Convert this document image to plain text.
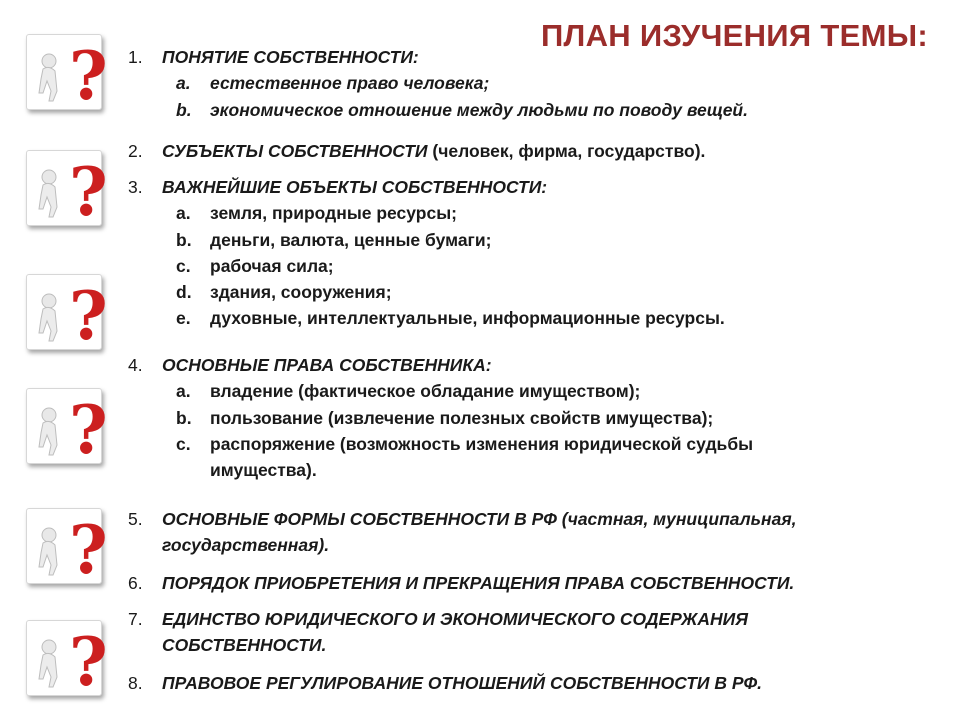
ПЛАН ИЗУЧЕНИЯ ТЕМЫ:
?
?
?
?
?
?
1.	ПОНЯТИЕ СОБСТВЕННОСТИ:
a. естественное право человека;
b. экономическое отношение между людьми по поводу вещей.
2.	СУБЪЕКТЫ СОБСТВЕННОСТИ (человек, фирма, государство).
3.	ВАЖНЕЙШИЕ ОБЪЕКТЫ СОБСТВЕННОСТИ:
a. земля, природные ресурсы;
b. деньги, валюта, ценные бумаги;
c. рабочая сила;
d. здания, сооружения;
e. духовные, интеллектуальные, информационные ресурсы.
4.	ОСНОВНЫЕ ПРАВА СОБСТВЕННИКА:
a. владение (фактическое обладание имуществом);
b. пользование (извлечение полезных свойств имущества);
c. распоряжение (возможность изменения юридической судьбы имущества).
5.	ОСНОВНЫЕ ФОРМЫ СОБСТВЕННОСТИ В РФ (частная, муниципальная, государственная).
6.	ПОРЯДОК ПРИОБРЕТЕНИЯ И ПРЕКРАЩЕНИЯ ПРАВА СОБСТВЕННОСТИ.
7.	ЕДИНСТВО ЮРИДИЧЕСКОГО И ЭКОНОМИЧЕСКОГО СОДЕРЖАНИЯ СОБСТВЕННОСТИ.
8.	ПРАВОВОЕ РЕГУЛИРОВАНИЕ ОТНОШЕНИЙ СОБСТВЕННОСТИ В РФ.
